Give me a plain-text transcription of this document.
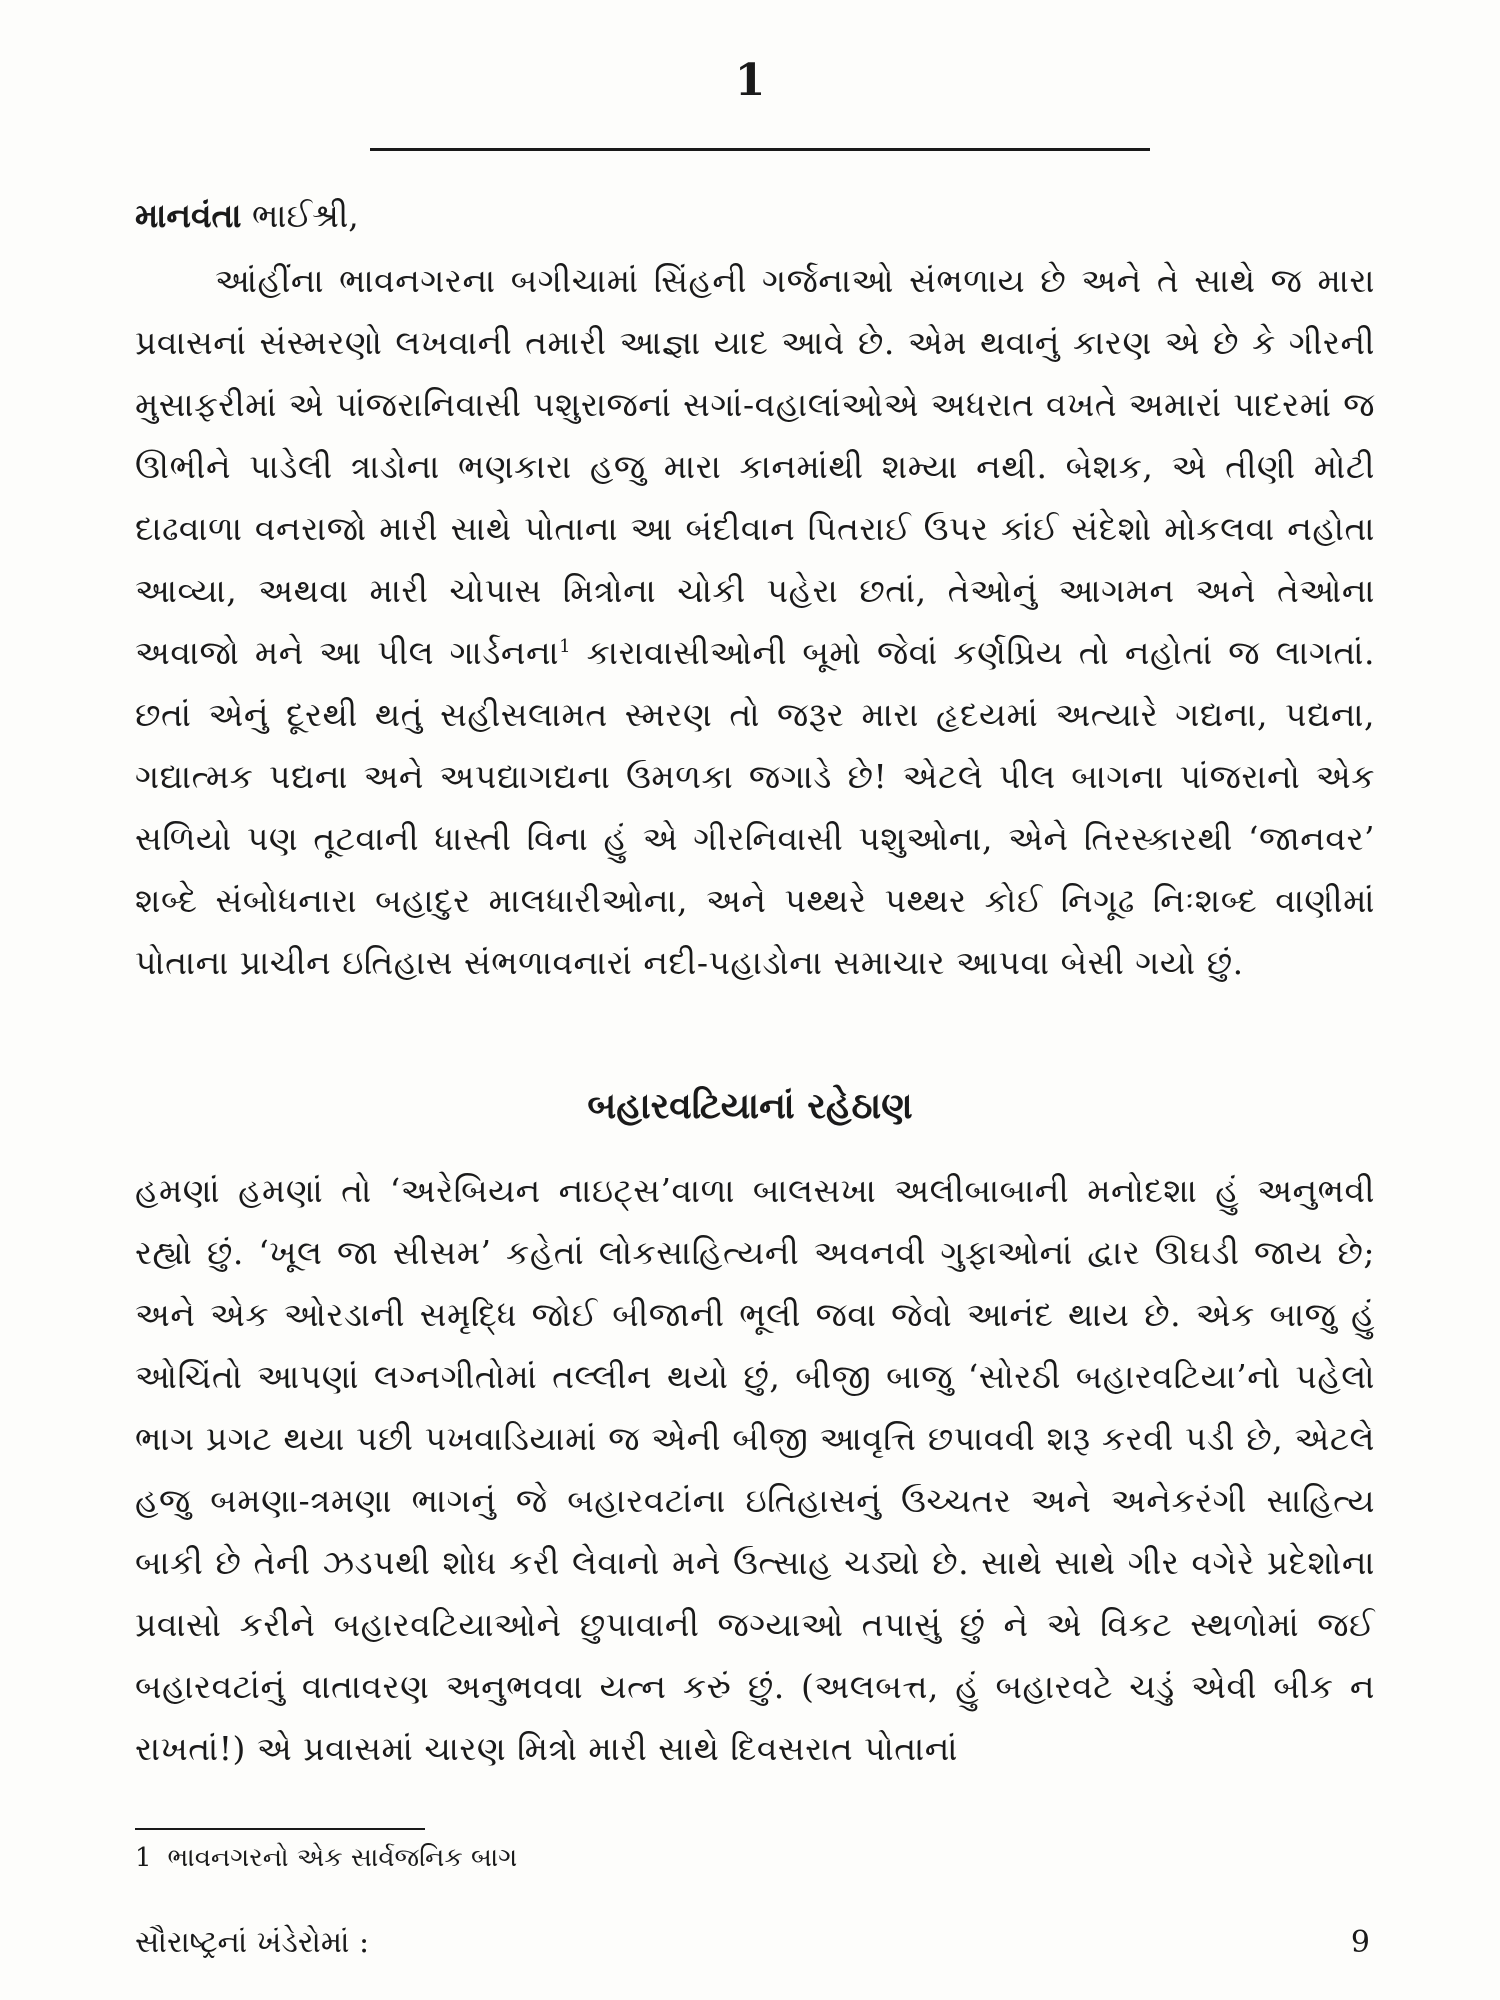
1
માનવંતા ભાઈશ્રી,

આંહીંના ભાવનગરના બગીચામાં સિંહની ગર્જનાઓ સંભળાય છે અને તે સાથે જ મારા પ્રવાસનાં સંસ્મરણો લખવાની તમારી આજ્ઞા યાદ આવે છે. એમ થવાનું કારણ એ છે કે ગીરની મુસાફરીમાં એ પાંજરાનિવાસી પશુરાજનાં સગાં-વહાલાંઓએ અધરાત વખતે અમારાં પાદરમાં જ ઊભીને પાડેલી ત્રાડોના ભણકારા હજુ મારા કાનમાંથી શમ્યા નથી. બેશક, એ તીણી મોટી દાઢવાળા વનરાજો મારી સાથે પોતાના આ બંદીવાન પિતરાઈ ઉપર કાંઈ સંદેશો મોકલવા નહોતા આવ્યા, અથવા મારી ચોપાસ મિત્રોના ચોકી પહેરા છતાં, તેઓનું આગમન અને તેઓના અવાજો મને આ પીલ ગાર્ડનના$^1$ કારાવાસીઓની બૂમો જેવાં કર્ણપ્રિય તો નહોતાં જ લાગતાં. છતાં એનું દૂરથી થતું સહીસલામત સ્મરણ તો જરૂર મારા હૃદયમાં અત્યારે ગદ્યના, પદ્યના, ગદ્યાત્મક પદ્યના અને અપદ્યાગદ્યના ઉમળકા જગાડે છે! એટલે પીલ બાગના પાંજરાનો એક સળિયો પણ તૂટવાની ધાસ્તી વિના હું એ ગીરનિવાસી પશુઓના, એને તિરસ્કારથી ‘જાનવર’ શબ્દે સંબોધનારા બહાદુર માલધારીઓના, અને પથ્થરે પથ્થર કોઈ નિગૂઢ નિઃશબ્દ વાણીમાં પોતાના પ્રાચીન ઇતિહાસ સંભળાવનારાં નદી-પહાડોના સમાચાર આપવા બેસી ગયો છું.

બહારવટિયાનાં રહેઠાણ

હમણાં હમણાં તો ‘અરેબિયન નાઇટ્સ’વાળા બાલસખા અલીબાબાની મનોદશા હું અનુભવી રહ્યો છું. ‘ખૂલ જા સીસમ’ કહેતાં લોકસાહિત્યની અવનવી ગુફાઓનાં દ્વાર ઊઘડી જાય છે; અને એક ઓરડાની સમૃદ્ધિ જોઈ બીજાની ભૂલી જવા જેવો આનંદ થાય છે. એક બાજુ હું ઓચિંતો આપણાં લગ્નગીતોમાં તલ્લીન થયો છું, બીજી બાજુ ‘સોરઠી બહારવટિયા’નો પહેલો ભાગ પ્રગટ થયા પછી પખવાડિયામાં જ એની બીજી આવૃત્તિ છપાવવી શરૂ કરવી પડી છે, એટલે હજુ બમણા-ત્રમણા ભાગનું જે બહારવટાંના ઇતિહાસનું ઉચ્ચતર અને અનેકરંગી સાહિત્ય બાકી છે તેની ઝડપથી શોધ કરી લેવાનો મને ઉત્સાહ ચડ્યો છે. સાથે સાથે ગીર વગેરે પ્રદેશોના પ્રવાસો કરીને બહારવટિયાઓને છુપાવાની જગ્યાઓ તપાસું છું ને એ વિકટ સ્થળોમાં જઈ બહારવટાંનું વાતાવરણ અનુભવવા યત્ન કરું છું. (અલબત્ત, હું બહારવટે ચડું એવી બીક ન રાખતાં!) એ પ્રવાસમાં ચારણ મિત્રો મારી સાથે દિવસરાત પોતાનાં

1 ભાવનગરનો એક સાર્વજનિક બાગ
સૌરાષ્ટ્રનાં ખંડેરોમાં :	9
